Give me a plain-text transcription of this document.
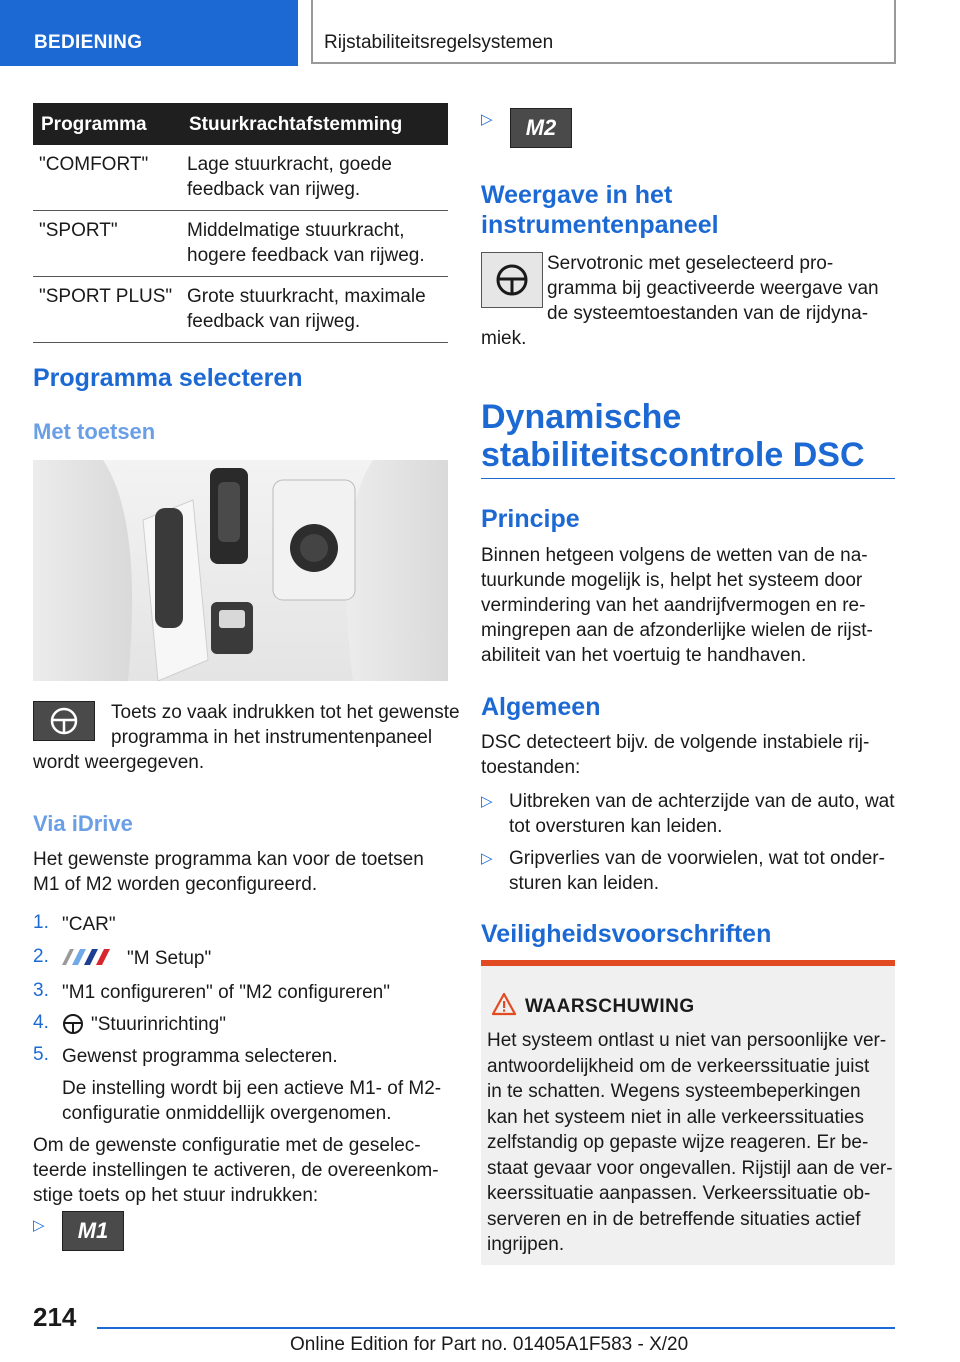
BEDIENING	Rijstabiliteitsregelsystemen
Programma	Stuurkrachtafstemming
"COMFORT"	Lage stuurkracht, goede
feedback van rijweg.
"SPORT"	Middelmatige stuurkracht,
hogere feedback van rijweg.
"SPORT PLUS"	Grote stuurkracht, maximale
feedback van rijweg.
Programma selecteren
Met toetsen
Toets zo vaak indrukken tot het gewenste
programma in het instrumentenpaneel
wordt weergegeven.
Via iDrive
Het gewenste programma kan voor de toetsen
M1 of M2 worden geconfigureerd.
1. "CAR"
2.	"M Setup"
3. "M1 configureren" of "M2 configureren"
4. "Stuurinrichting"
5. Gewenst programma selecteren.
De instelling wordt bij een actieve M1- of M2-
configuratie onmiddellijk overgenomen.
Om de gewenste configuratie met de geselec-
teerde instellingen te activeren, de overeenkom-
stige toets op het stuur indrukken:
▷ M1
▷ M2
Weergave in het
instrumentenpaneel
Servotronic met geselecteerd pro-
gramma bij geactiveerde weergave van
de systeemtoestanden van de rijdyna-
miek.
Dynamische
stabiliteitscontrole DSC
Principe
Binnen hetgeen volgens de wetten van de na-
tuurkunde mogelijk is, helpt het systeem door
vermindering van het aandrijfvermogen en re-
mingrepen aan de afzonderlijke wielen de rijst-
abiliteit van het voertuig te handhaven.
Algemeen
DSC detecteert bijv. de volgende instabiele rij-
toestanden:
▷ Uitbreken van de achterzijde van de auto, wat
tot oversturen kan leiden.
▷ Gripverlies van de voorwielen, wat tot onder-
sturen kan leiden.
Veiligheidsvoorschriften
WAARSCHUWING
Het systeem ontlast u niet van persoonlijke ver-
antwoordelijkheid om de verkeerssituatie juist
in te schatten. Wegens systeembeperkingen
kan het systeem niet in alle verkeerssituaties
zelfstandig op gepaste wijze reageren. Er be-
staat gevaar voor ongevallen. Rijstijl aan de ver-
keerssituatie aanpassen. Verkeerssituatie ob-
serveren en in de betreffende situaties actief
ingrijpen.
214
Online Edition for Part no. 01405A1F583 - X/20
